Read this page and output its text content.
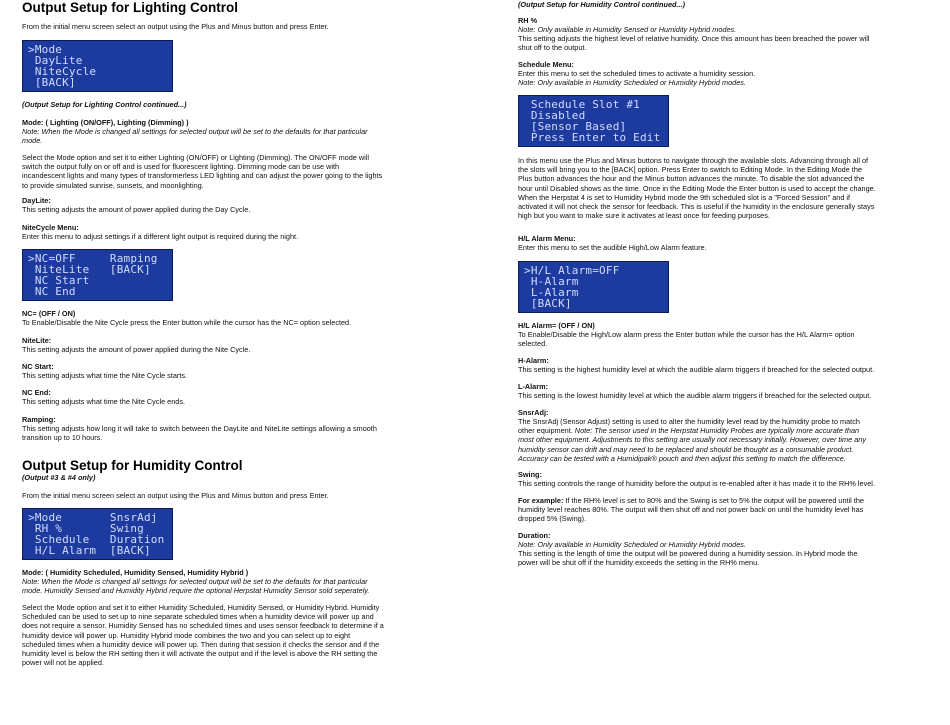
Output Setup for Lighting Control

From the initial menu screen select an output using the Plus and Minus button and press Enter.

>Mode
DayLite
NiteCycle
[BACK]

(Output Setup for Lighting Control continued...)

Mode: ( Lighting (ON/OFF), Lighting (Dimming) )

Note: When the Mode is changed all settings for selected output will be set to the defaults for that particular

mode.

Select the Mode option and set it to either Lighting (ON/OFF) or Lighting (Dimming). The ON/OFF mode will

switch the output fully on or off and is used for fluorescent lighting. Dimming mode can be use with

incandescent lights and many types of transformerless LED lighting and can adjust the power going to the lights

to provide simulated sunrise, sunsets, and moonlighting.

DayLite:

This setting adjusts the amount of power applied during the Day Cycle.

NiteCycle Menu:

Enter this menu to adjust settings if a different light output is required during the night.

>NC=OFF     Ramping
NiteLite   [BACK]
NC Start
NC End

NC= (OFF / ON)

To Enable/Disable the Nite Cycle press the Enter button while the cursor has the NC= option selected.

NiteLite:

This setting adjusts the amount of power applied during the Nite Cycle.

NC Start:

This setting adjusts what time the Nite Cycle starts.

NC End:

This setting adjusts what time the Nite Cycle ends.

Ramping:

This setting adjusts how long it will take to switch between the DayLite and NiteLite settings allowing a smooth

transition up to 10 hours.

Output Setup for Humidity Control

(Output #3 & #4 only)

From the initial menu screen select an output using the Plus and Minus button and press Enter.

>Mode       SnsrAdj
RH %       Swing
Schedule   Duration
H/L Alarm  [BACK]

Mode: ( Humidity Scheduled, Humidity Sensed, Humidity Hybrid )

Note: When the Mode is changed all settings for selected output will be set to the defaults for that particular

mode. Humidity Sensed and Humidity Hybrid require the optional Herpstat Humidity Sensor sold seperately.

Select the Mode option and set it to either Humidity Scheduled, Humidity Sensed, or Humidity Hybrid. Humidity

Scheduled can be used to set up to nine separate scheduled times when a humidity device will power up and

does not require a sensor. Humidity Sensed has no scheduled times and uses sensor feedback to determine if a

humidity device will power up. Humidity Hybrid mode combines the two and you can select up to eight

scheduled times when a humidity device will power up. Then during that session it checks the sensor and if the

humidity level is below the RH setting then it will activate the output and if the level is above the RH setting the

power will not be applied.

(Output Setup for Humidity Control continued...)

RH %

Note: Only available in Humidity Sensed or Humidity Hybrid modes.

This setting adjusts the highest level of relative humidity. Once this amount has been breached the power will

shut off to the output.

Schedule Menu:

Enter this menu to set the scheduled times to activate a humidity session.

Note: Only available in Humidity Scheduled or Humidity Hybrid modes.

Schedule Slot #1
Disabled
[Sensor Based]
Press Enter to Edit

In this menu use the Plus and Minus buttons to navigate through the available slots. Advancing through all of

the slots will bring you to the [BACK] option. Press Enter to switch to Editing Mode. In the Editing Mode the

Plus button advances the hour and the Minus button advances the minute. To disable the slot advanced the

hour until Disabled shows as the time. Once in the Editing Mode the Enter button is used to accept the change.

When the Herpstat 4 is set to Humidity Hybrid mode the 9th scheduled slot is a "Forced Session" and if

activated it will not check the sensor for feedback. This is useful if the humidity in the enclosure generally stays

high but you want to make sure it activates at least once for feeding purposes.

H/L Alarm Menu:

Enter this menu to set the audible High/Low Alarm feature.

>H/L Alarm=OFF
H-Alarm
L-Alarm
[BACK]

H/L Alarm= (OFF / ON)

To Enable/Disable the High/Low alarm press the Enter button while the cursor has the H/L Alarm= option

selected.

H-Alarm:

This setting is the highest humidity level at which the audible alarm triggers if breached for the selected output.

L-Alarm:

This setting is the lowest humidity level at which the audible alarm triggers if breached for the selected output.

SnsrAdj:

The SnsrAdj (Sensor Adjust) setting is used to alter the humidity level read by the humidity probe to match

other equipment. Note: The sensor used in the Herpstat Humidity Probes are typically more accurate than

most other equipment. Adjustments to this setting are usually not necessary initially. However, over time any

humidity sensor can drift and may need to be replaced and should be thought as a consumable product.

Accuracy can be tested with a Humidipak® pouch and then adjust this setting to match the difference.

Swing:

This setting controls the range of humidity before the output is re-enabled after it has made it to the RH% level.

For example: If the RH% level is set to 80% and the Swing is set to 5% the output will be powered until the

humidity level reaches 80%. The output will then shut off and not power back on until the humidity level has

dropped 5% (Swing).

Duration:

Note: Only available in Humidity Scheduled or Humidity Hybrid modes.

This setting is the length of time the output will be powered during a humidity session. In Hybrid mode the

power will be shut off if the humidity exceeds the setting in the RH% menu.
